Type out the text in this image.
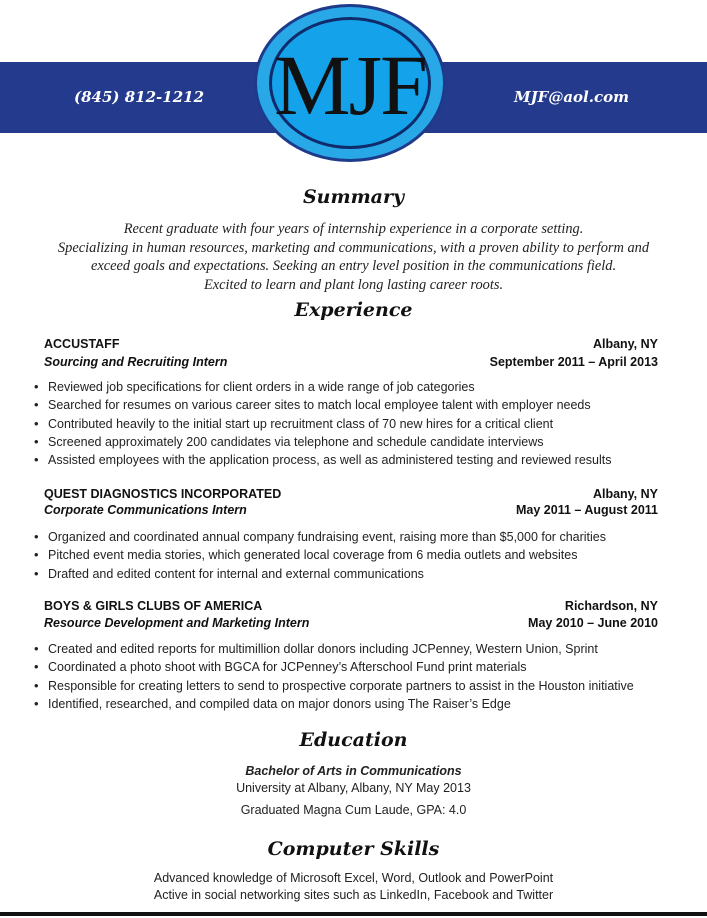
(845) 812-1212	MJF@aol.com
MJF
Summary
Recent graduate with four years of internship experience in a corporate setting.
Specializing in human resources, marketing and communications, with a proven ability to perform and
exceed goals and expectations. Seeking an entry level position in the communications field.
Excited to learn and plant long lasting career roots.
Experience
ACCUSTAFF	Albany, NY
Sourcing and Recruiting Intern	September 2011 – April 2013
• Reviewed job specifications for client orders in a wide range of job categories
• Searched for resumes on various career sites to match local employee talent with employer needs
• Contributed heavily to the initial start up recruitment class of 70 new hires for a critical client
• Screened approximately 200 candidates via telephone and schedule candidate interviews
• Assisted employees with the application process, as well as administered testing and reviewed results
QUEST DIAGNOSTICS INCORPORATED	Albany, NY
Corporate Communications Intern	May 2011 – August 2011
• Organized and coordinated annual company fundraising event, raising more than $5,000 for charities
• Pitched event media stories, which generated local coverage from 6 media outlets and websites
• Drafted and edited content for internal and external communications
BOYS & GIRLS CLUBS OF AMERICA	Richardson, NY
Resource Development and Marketing Intern	May 2010 – June 2010
• Created and edited reports for multimillion dollar donors including JCPenney, Western Union, Sprint
• Coordinated a photo shoot with BGCA for JCPenney’s Afterschool Fund print materials
• Responsible for creating letters to send to prospective corporate partners to assist in the Houston initiative
• Identified, researched, and compiled data on major donors using The Raiser’s Edge
Education
Bachelor of Arts in Communications
University at Albany, Albany, NY May 2013
Graduated Magna Cum Laude, GPA: 4.0
Computer Skills
Advanced knowledge of Microsoft Excel, Word, Outlook and PowerPoint
Active in social networking sites such as LinkedIn, Facebook and Twitter
